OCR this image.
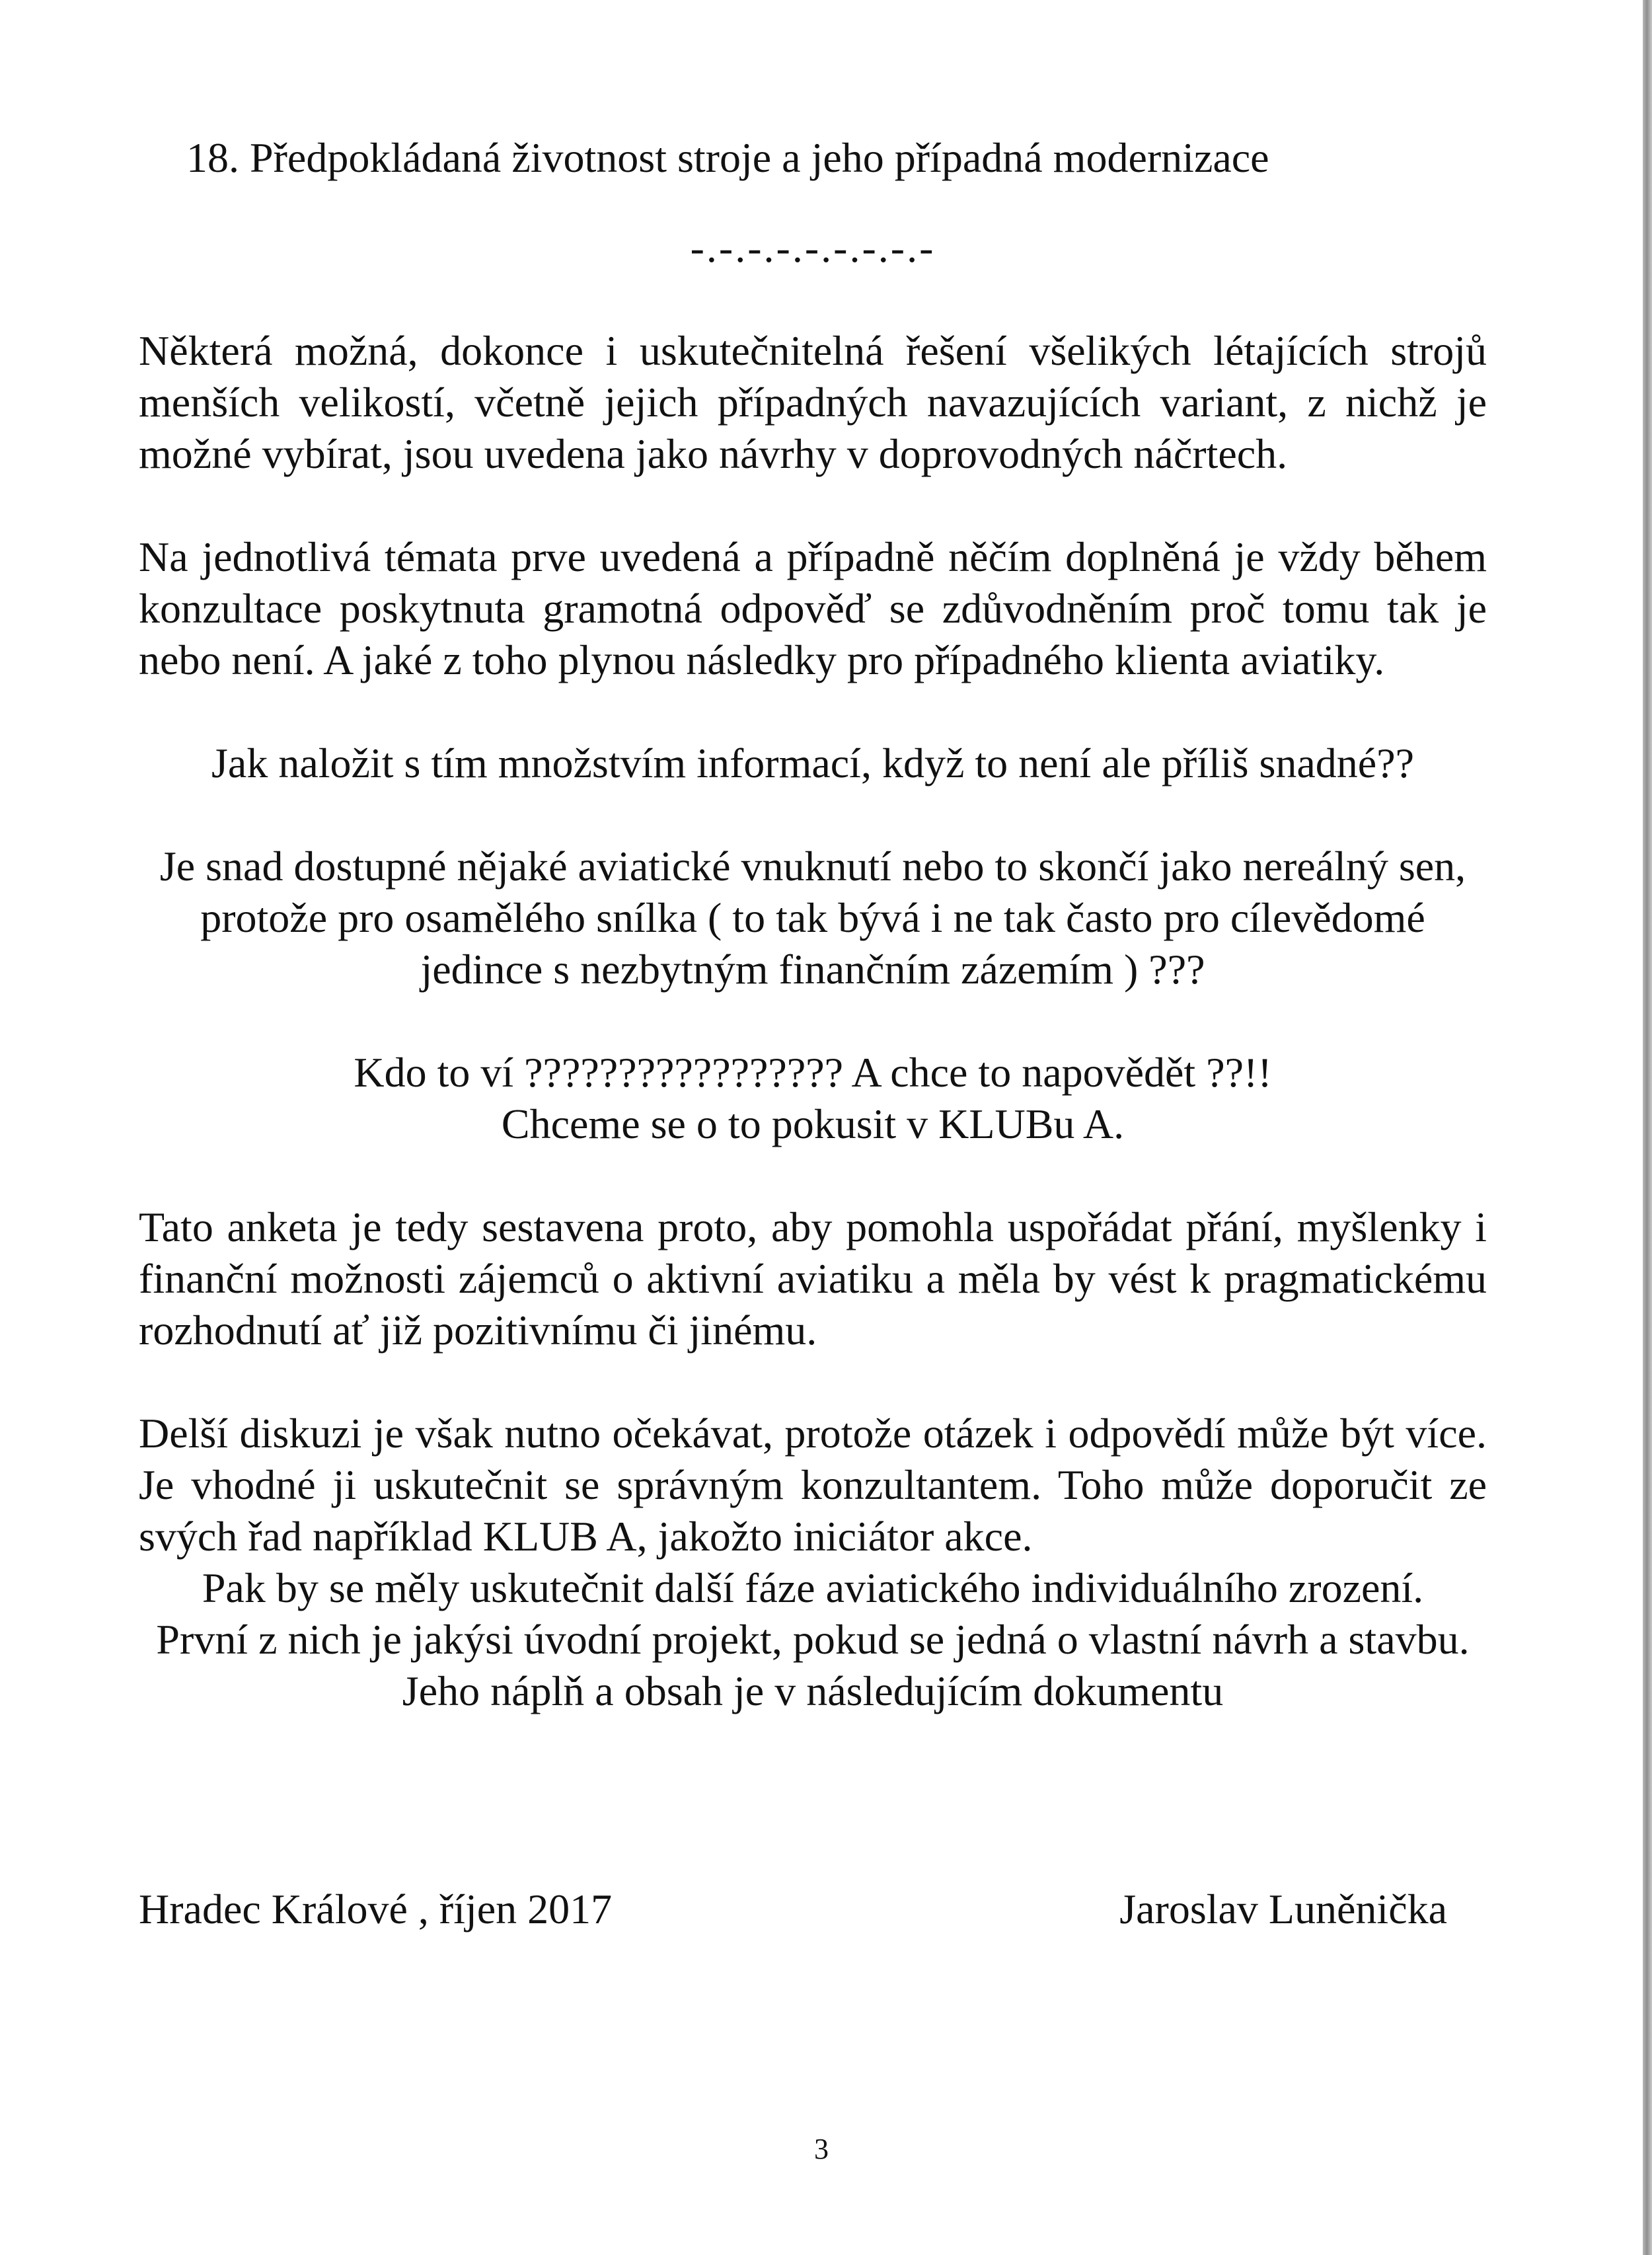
18. Předpokládaná životnost stroje a jeho případná modernizace
-.-.-.-.-.-.-.-.-

Některá možná, dokonce i uskutečnitelná řešení všelikých létajících strojů menších velikostí, včetně jejich případných navazujících variant, z nichž je možné vybírat, jsou uvedena jako návrhy v doprovodných náčrtech.

Na jednotlivá témata prve uvedená a případně něčím doplněná je vždy během konzultace poskytnuta gramotná odpověď se zdůvodněním proč tomu tak je nebo není. A jaké z toho plynou následky pro případného klienta aviatiky.

Jak naložit s tím množstvím informací, když to není ale příliš snadné??

Je snad dostupné nějaké aviatické vnuknutí nebo to skončí jako nereálný sen, protože pro osamělého snílka ( to tak bývá i ne tak často pro cílevědomé jedince s nezbytným finančním zázemím ) ???

Kdo to ví ????????????????? A chce to napovědět ??!!

Chceme se o to pokusit v KLUBu A.

Tato anketa je tedy sestavena proto, aby pomohla uspořádat přání, myšlenky i finanční možnosti zájemců o aktivní aviatiku a měla by vést k pragmatickému rozhodnutí ať již pozitivnímu či jinému.

Delší diskuzi je však nutno očekávat, protože otázek i odpovědí může být více. Je vhodné ji uskutečnit se správným konzultantem. Toho může doporučit ze svých řad například KLUB A, jakožto iniciátor akce.

Pak by se měly uskutečnit další fáze aviatického individuálního zrození.

První z nich je jakýsi úvodní projekt, pokud se jedná o vlastní návrh a stavbu. Jeho náplň a obsah je v následujícím dokumentu

Hradec Králové , říjen 2017	Jaroslav Luněnička
3
